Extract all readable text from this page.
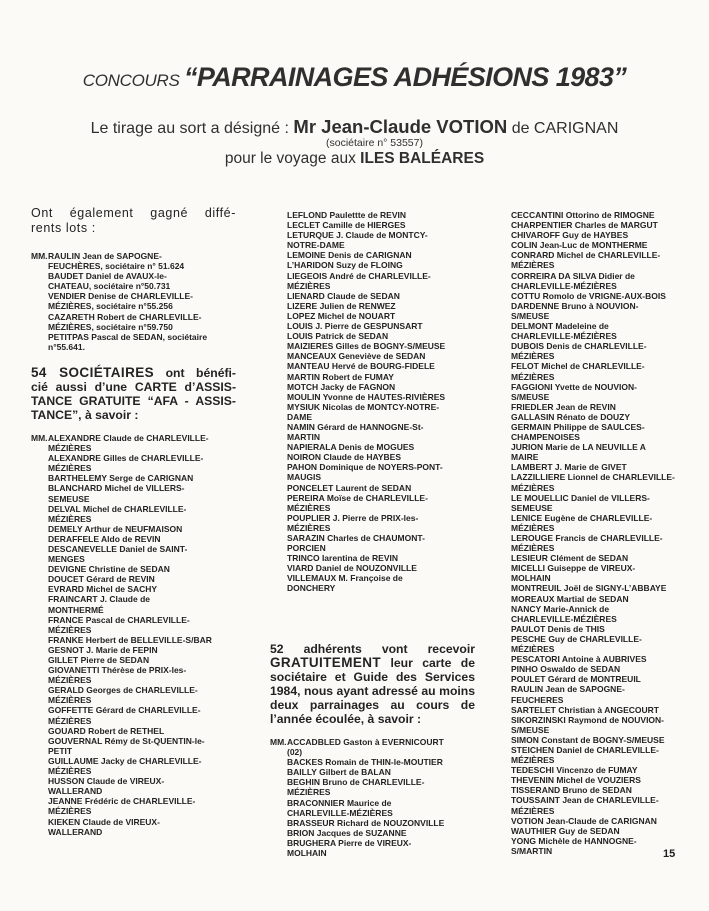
CONCOURS “PARRAINAGES ADHÉSIONS 1983”
Le tirage au sort a désigné : Mr Jean-Claude VOTION de CARIGNAN
(sociétaire n° 53557)
pour le voyage aux ILES BALÉARES
Ont également gagné diffé-
rents lots :
MM.RAULIN Jean de SAPOGNE-
FEUCHÈRES, sociétaire n° 51.624
BAUDET Daniel de AVAUX-le-
CHATEAU, sociétaire n°50.731
VENDIER Denise de CHARLEVILLE-
MÉZIÈRES, sociétaire n°55.256
CAZARETH Robert de CHARLEVILLE-
MÉZIÈRES, sociétaire n°59.750
PETITPAS Pascal de SEDAN, sociétaire
n°55.641.
54 SOCIÉTAIRES ont bénéfi-
cié aussi d’une CARTE d’ASSIS-
TANCE GRATUITE “AFA - ASSIS-
TANCE”, à savoir :
MM.ALEXANDRE Claude de CHARLEVILLE-
MÉZIÈRES
ALEXANDRE Gilles de CHARLEVILLE-
MÉZIÈRES
BARTHELEMY Serge de CARIGNAN
BLANCHARD Michel de VILLERS-
SEMEUSE
DELVAL Michel de CHARLEVILLE-
MÉZIÈRES
DEMELY Arthur de NEUFMAISON
DERAFFELE Aldo de REVIN
DESCANEVELLE Daniel de SAINT-
MENGES
DEVIGNE Christine de SEDAN
DOUCET Gérard de REVIN
EVRARD Michel de SACHY
FRAINCART J. Claude de
MONTHERMÉ
FRANCE Pascal de CHARLEVILLE-
MÉZIÈRES
FRANKE Herbert de BELLEVILLE-S/BAR
GESNOT J. Marie de FEPIN
GILLET Pierre de SEDAN
GIOVANETTI Thérèse de PRIX-les-
MÉZIÈRES
GERALD Georges de CHARLEVILLE-
MÉZIÈRES
GOFFETTE Gérard de CHARLEVILLE-
MÉZIÈRES
GOUARD Robert de RETHEL
GOUVERNAL Rémy de St-QUENTIN-le-
PETIT
GUILLAUME Jacky de CHARLEVILLE-
MÉZIÈRES
HUSSON Claude de VIREUX-
WALLERAND
JEANNE Frédéric de CHARLEVILLE-
MÉZIÈRES
KIEKEN Claude de VIREUX-
WALLERAND
LEFLOND Paulettte de REVIN
LECLET Camille de HIERGES
LETURQUE J. Claude de MONTCY-
NOTRE-DAME
LEMOINE Denis de CARIGNAN
L’HARIDON Suzy de FLOING
LIEGEOIS André de CHARLEVILLE-
MÉZIÈRES
LIENARD Claude de SEDAN
LIZERE Julien de RENWEZ
LOPEZ Michel de NOUART
LOUIS J. Pierre de GESPUNSART
LOUIS Patrick de SEDAN
MAIZIERES Gilles de BOGNY-S/MEUSE
MANCEAUX Geneviève de SEDAN
MANTEAU Hervé de BOURG-FIDELE
MARTIN Robert de FUMAY
MOTCH Jacky de FAGNON
MOULIN Yvonne de HAUTES-RIVIÈRES
MYSIUK Nicolas de MONTCY-NOTRE-
DAME
NAMIN Gérard de HANNOGNE-St-
MARTIN
NAPIERALA Denis de MOGUES
NOIRON Claude de HAYBES
PAHON Dominique de NOYERS-PONT-
MAUGIS
PONCELET Laurent de SEDAN
PEREIRA Moïse de CHARLEVILLE-
MÉZIÈRES
POUPLIER J. Pierre de PRIX-les-
MÉZIÈRES
SARAZIN Charles de CHAUMONT-
PORCIEN
TRINCO Iarentina de REVIN
VIARD Daniel de NOUZONVILLE
VILLEMAUX M. Françoise de
DONCHERY
52 adhérents vont recevoir
GRATUITEMENT leur carte de
sociétaire et Guide des Services
1984, nous ayant adressé au moins
deux parrainages au cours de
l’année écoulée, à savoir :
MM.ACCADBLED Gaston à EVERNICOURT
(02)
BACKES Romain de THIN-le-MOUTIER
BAILLY Gilbert de BALAN
BEGHIN Bruno de CHARLEVILLE-
MÉZIÈRES
BRACONNIER Maurice de
CHARLEVILLE-MÉZIÈRES
BRASSEUR Richard de NOUZONVILLE
BRION Jacques de SUZANNE
BRUGHERA Pierre de VIREUX-
MOLHAIN
CECCANTINI Ottorino de RIMOGNE
CHARPENTIER Charles de MARGUT
CHIVAROFF Guy de HAYBES
COLIN Jean-Luc de MONTHERME
CONRARD Michel de CHARLEVILLE-
MÉZIÈRES
CORREIRA DA SILVA Didier de
CHARLEVILLE-MÉZIÈRES
COTTU Romolo de VRIGNE-AUX-BOIS
DARDENNE Bruno à NOUVION-
S/MEUSE
DELMONT Madeleine de
CHARLEVILLE-MÉZIÈRES
DUBOIS Denis de CHARLEVILLE-
MÉZIÈRES
FELOT Michel de CHARLEVILLE-
MÉZIÈRES
FAGGIONI Yvette de NOUVION-
S/MEUSE
FRIEDLER Jean de REVIN
GALLASIN Rénato de DOUZY
GERMAIN Philippe de SAULCES-
CHAMPENOISES
JURION Marie de LA NEUVILLE A
MAIRE
LAMBERT J. Marie de GIVET
LAZZILLIERE Lionnel de CHARLEVILLE-
MÉZIÈRES
LE MOUELLIC Daniel de VILLERS-
SEMEUSE
LENICE Eugène de CHARLEVILLE-
MÉZIÈRES
LEROUGE Francis de CHARLEVILLE-
MÉZIÈRES
LESIEUR Clément de SEDAN
MICELLI Guiseppe de VIREUX-
MOLHAIN
MONTREUIL Joël de SIGNY-L’ABBAYE
MOREAUX Martial de SEDAN
NANCY Marie-Annick de
CHARLEVILLE-MÉZIÈRES
PAULOT Denis de THIS
PESCHE Guy de CHARLEVILLE-
MÉZIÈRES
PESCATORI Antoine à AUBRIVES
PINHO Oswaldo de SEDAN
POULET Gérard de MONTREUIL
RAULIN Jean de SAPOGNE-
FEUCHERES
SARTELET Christian à ANGECOURT
SIKORZINSKI Raymond de NOUVION-
S/MEUSE
SIMON Constant de BOGNY-S/MEUSE
STEICHEN Daniel de CHARLEVILLE-
MÉZIÈRES
TEDESCHI Vincenzo de FUMAY
THEVENIN Michel de VOUZIERS
TISSERAND Bruno de SEDAN
TOUSSAINT Jean de CHARLEVILLE-
MÉZIÈRES
VOTION Jean-Claude de CARIGNAN
WAUTHIER Guy de SEDAN
YONG Michèle de HANNOGNE-
S/MARTIN	15
